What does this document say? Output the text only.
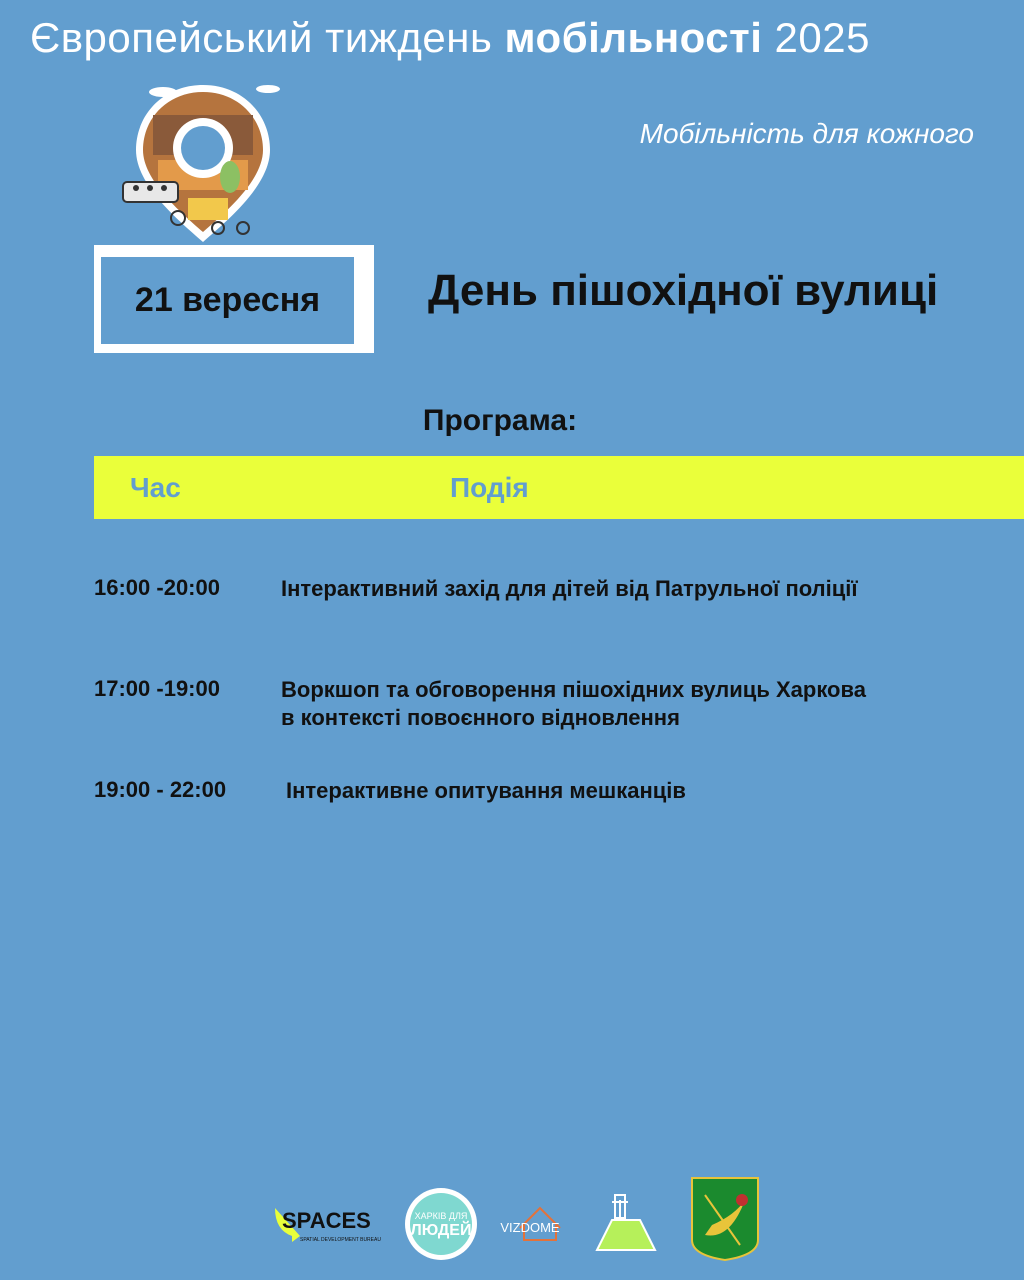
Європейський тиждень мобільності 2025
Мобільність для кожного
21 вересня	День пішохідної вулиці
Програма:
Час	Подія
16:00 -20:00	Інтерактивний захід для дітей від Патрульної поліції
17:00 -19:00	Воркшоп та обговорення пішохідних вулиць Харкова
в контексті повоєнного відновлення
19:00 - 22:00	Інтерактивне опитування мешканців
SPACES
SPATIAL DEVELOPMENT BUREAU
ХАРКІВ ДЛЯ
ЛЮДЕЙ VIZDOME
